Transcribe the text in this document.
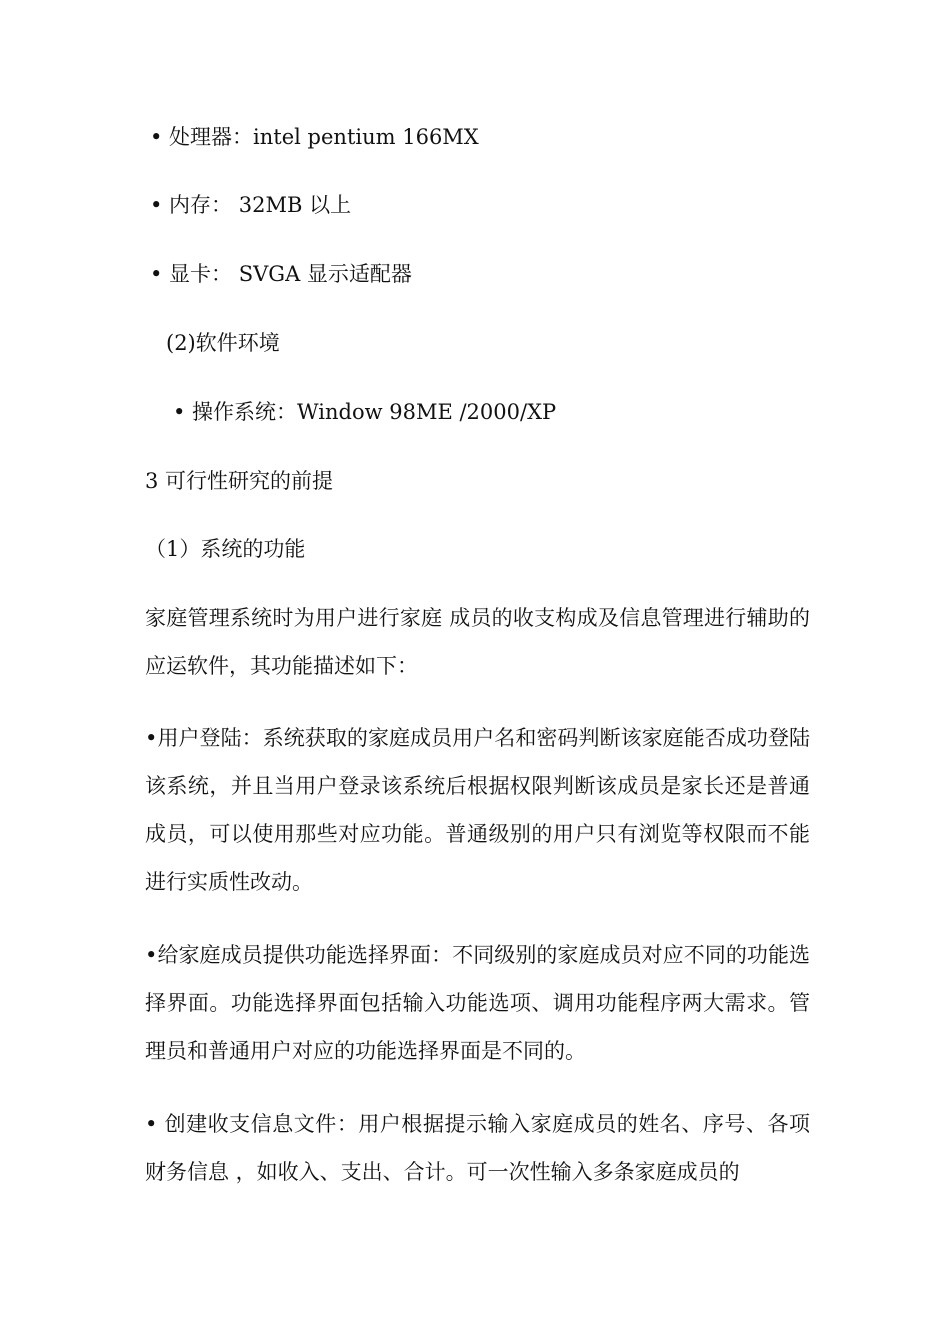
• 处理器：intel pentium 166MX
• 内存： 32MB 以上
• 显卡： SVGA 显示适配器
(2)软件环境
• 操作系统：Window 98ME /2000/XP
3 可行性研究的前提
（1）系统的功能
家庭管理系统时为用户进行家庭 成员的收支构成及信息管理进行辅助的应运软件，其功能描述如下：
•用户登陆：系统获取的家庭成员用户名和密码判断该家庭能否成功登陆该系统，并且当用户登录该系统后根据权限判断该成员是家长还是普通成员，可以使用那些对应功能。普通级别的用户只有浏览等权限而不能进行实质性改动。
•给家庭成员提供功能选择界面：不同级别的家庭成员对应不同的功能选择界面。功能选择界面包括输入功能选项、调用功能程序两大需求。管理员和普通用户对应的功能选择界面是不同的。
• 创建收支信息文件：用户根据提示输入家庭成员的姓名、序号、各项财务信息 ，如收入、支出、合计。可一次性输入多条家庭成员的
